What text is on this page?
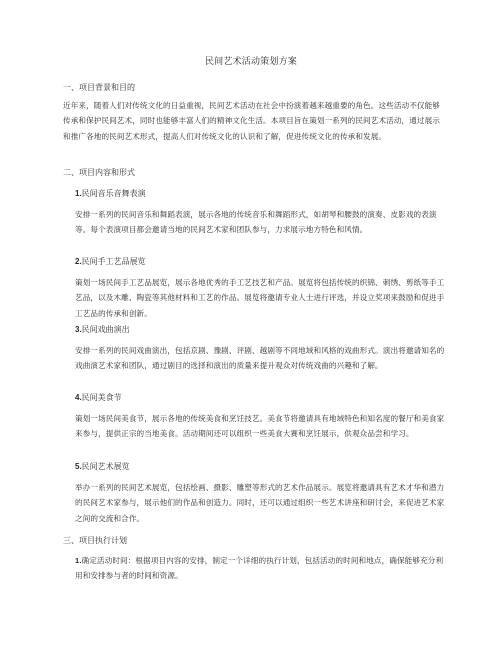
民间艺术活动策划方案
一、项目背景和目的
近年来，随着人们对传统文化的日益重视，民间艺术活动在社会中扮演着越来越重要的角色。这些活动不仅能够传承和保护民间艺术，同时也能够丰富人们的精神文化生活。本项目旨在策划一系列的民间艺术活动，通过展示和推广各地的民间艺术形式，提高人们对传统文化的认识和了解，促进传统文化的传承和发展。
二、项目内容和形式
1.民间音乐音舞表演
安排一系列的民间音乐和舞蹈表演，展示各地的传统音乐和舞蹈形式，如胡琴和腰鼓的演奏、皮影戏的表演等。每个表演项目都会邀请当地的民间艺术家和团队参与，力求展示地方特色和风情。
2.民间手工艺品展览
策划一场民间手工艺品展览，展示各地优秀的手工艺技艺和产品。展览将包括传统的织锦、刺绣、剪纸等手工艺品，以及木雕、陶瓷等其他材料和工艺的作品。展览将邀请专业人士进行评选，并设立奖项来鼓励和促进手工艺品的传承和创新。
3.民间戏曲演出
安排一系列的民间戏曲演出，包括京剧、豫剧、评剧、越剧等不同地域和风格的戏曲形式。演出将邀请知名的戏曲演艺术家和团队，通过剧目的选择和演出的质量来提升观众对传统戏曲的兴趣和了解。
4.民间美食节
策划一场民间美食节，展示各地的传统美食和烹饪技艺。美食节将邀请具有地域特色和知名度的餐厅和美食家来参与，提供正宗的当地美食。活动期间还可以组织一些美食大赛和烹饪展示，供观众品尝和学习。
5.民间艺术展览
举办一系列的民间艺术展览，包括绘画、摄影、雕塑等形式的艺术作品展示。展览将邀请具有艺术才华和潜力的民间艺术家参与，展示他们的作品和创造力。同时，还可以通过组织一些艺术讲座和研讨会，来促进艺术家之间的交流和合作。
三、项目执行计划
1.确定活动时间：根据项目内容的安排，制定一个详细的执行计划，包括活动的时间和地点，确保能够充分利用和安排参与者的时间和资源。
